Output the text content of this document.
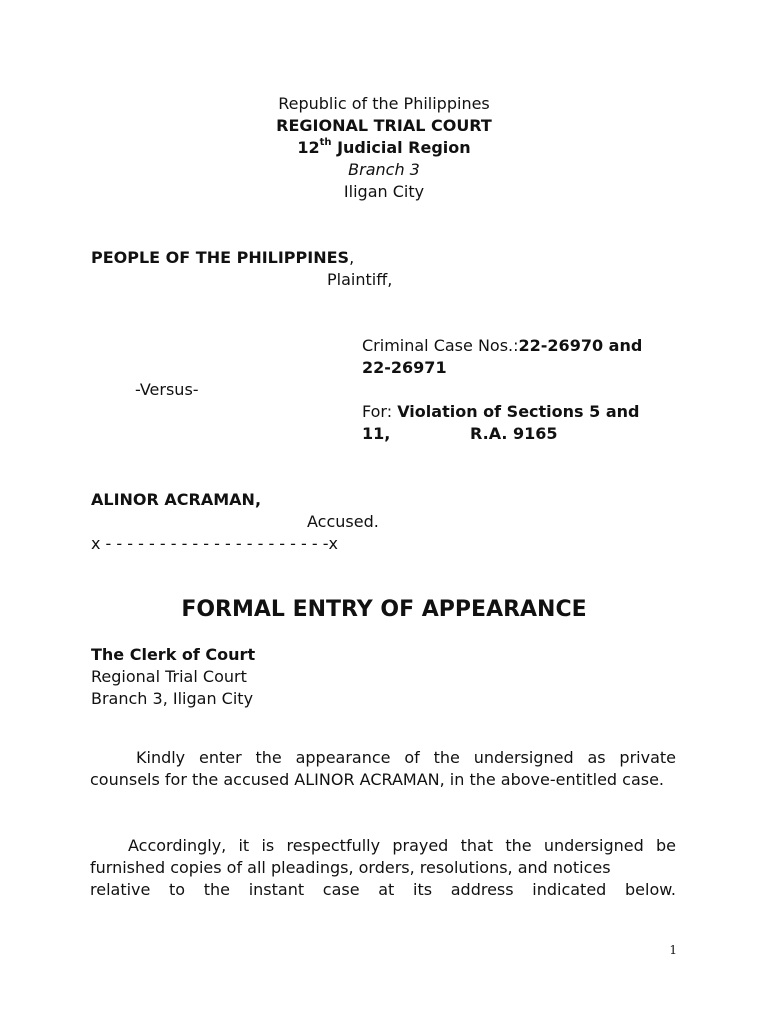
Republic of the Philippines
REGIONAL TRIAL COURT
12th Judicial Region
Branch 3
Iligan City
PEOPLE OF THE PHILIPPINES,
Plaintiff,
Criminal Case Nos.:22-26970 and
22-26971
-Versus-
For: Violation of Sections 5 and
11,	R.A. 9165
ALINOR ACRAMAN,
Accused.
x - - - - - - - - - - - - - - - - - - - - -x
FORMAL ENTRY OF APPEARANCE
The Clerk of Court
Regional Trial Court
Branch 3, Iligan City
Kindly enter the appearance of the undersigned as private counsels for the accused ALINOR ACRAMAN, in the above-entitled case.
Accordingly, it is respectfully prayed that the undersigned be furnished copies of all pleadings, orders, resolutions, and notices
relative to the instant case at its address indicated below.
1
